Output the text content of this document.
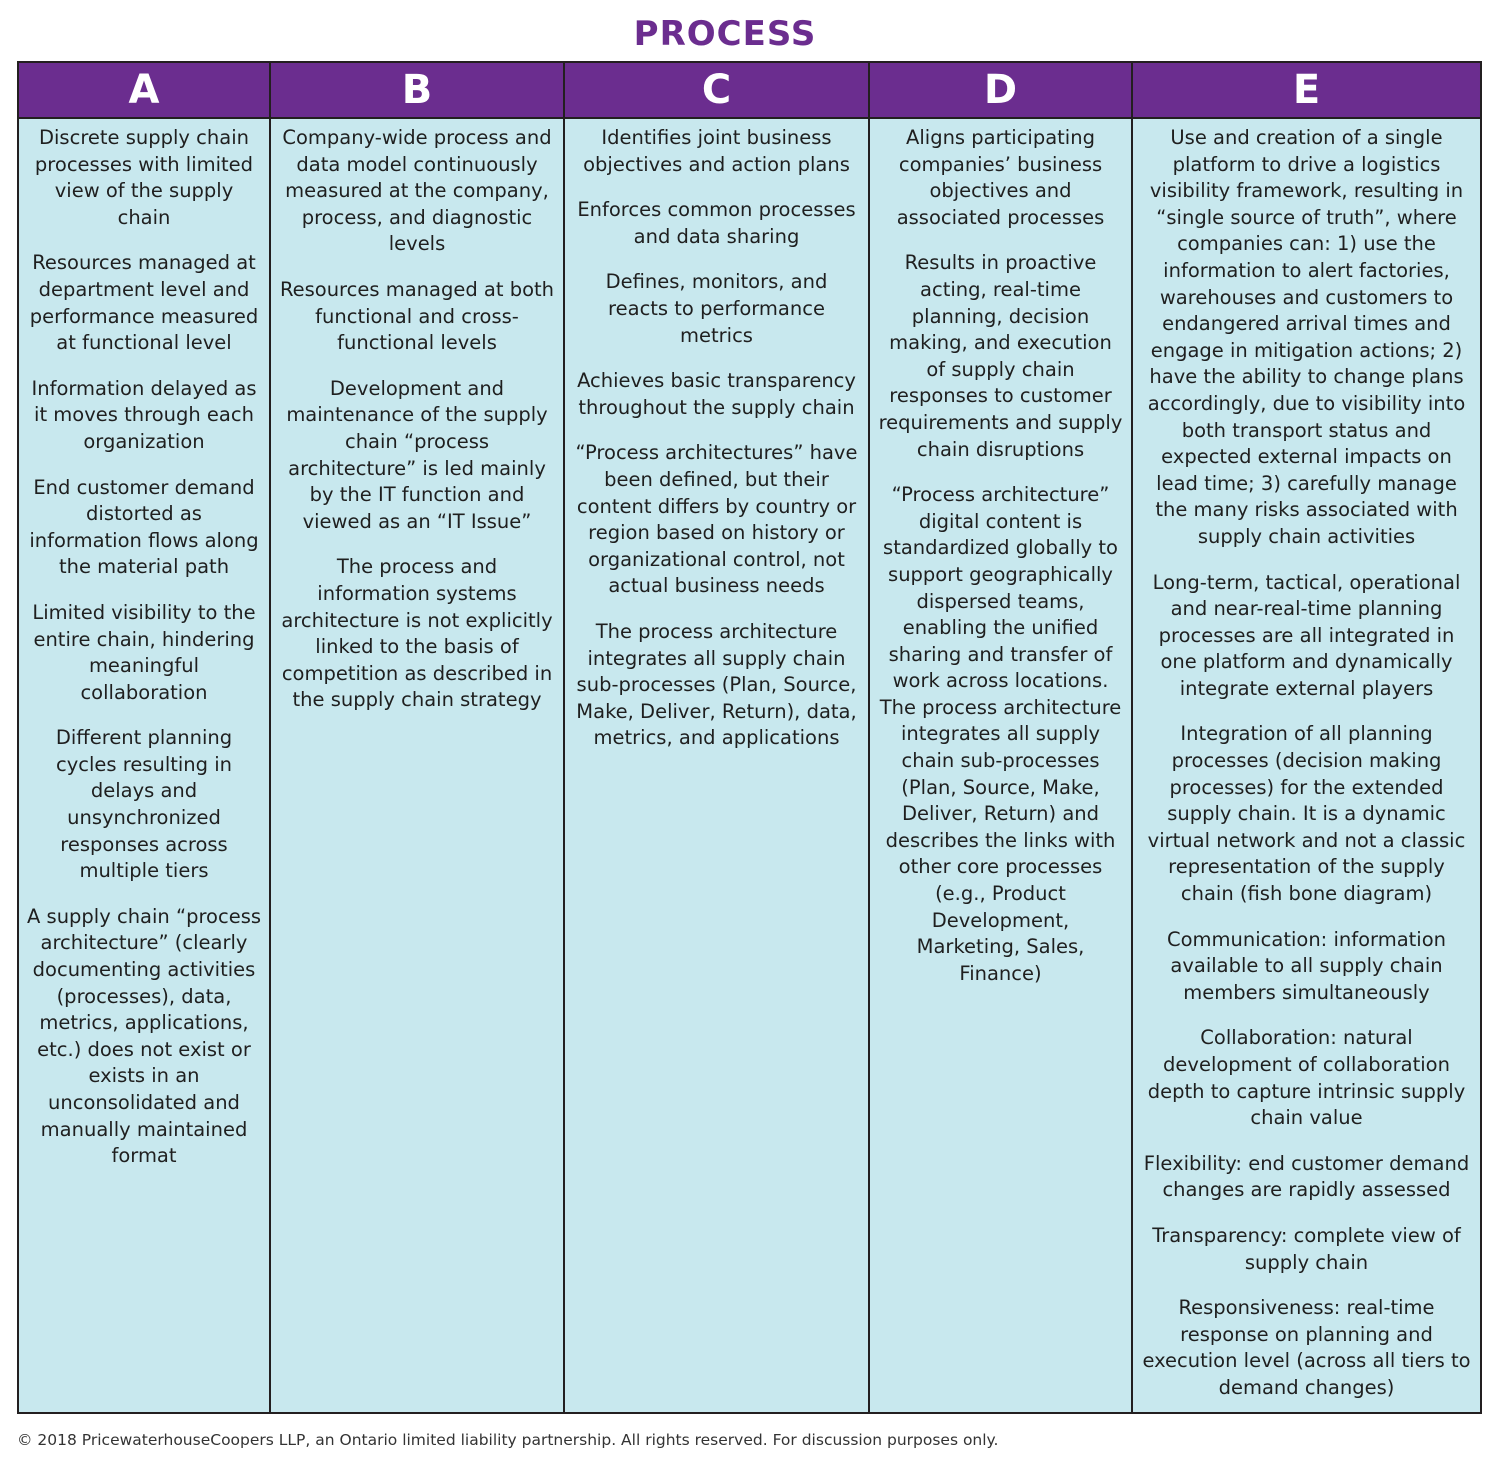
PROCESS
A

Discrete supply chain processes with limited view of the supply chain

Resources managed at department level and performance measured at functional level

Information delayed as it moves through each organization

End customer demand distorted as information flows along the material path

Limited visibility to the entire chain, hindering meaningful collaboration

Different planning cycles resulting in delays and unsynchronized responses across multiple tiers

A supply chain “process architecture” (clearly documenting activities (processes), data, metrics, applications, etc.) does not exist or exists in an unconsolidated and manually maintained format

B

Company-wide process and data model continuously measured at the company, process, and diagnostic levels

Resources managed at both functional and cross-functional levels

Development and maintenance of the supply chain “process architecture” is led mainly by the IT function and viewed as an “IT Issue”

The process and information systems architecture is not explicitly linked to the basis of competition as described in the supply chain strategy

C

Identifies joint business objectives and action plans

Enforces common processes and data sharing

Defines, monitors, and reacts to performance metrics

Achieves basic transparency throughout the supply chain

“Process architectures” have been defined, but their content differs by country or region based on history or organizational control, not actual business needs

The process architecture integrates all supply chain sub-processes (Plan, Source, Make, Deliver, Return), data, metrics, and applications

D

Aligns participating companies’ business objectives and associated processes

Results in proactive acting, real-time planning, decision making, and execution of supply chain responses to customer requirements and supply chain disruptions

“Process architecture” digital content is standardized globally to support geographically dispersed teams, enabling the unified sharing and transfer of work across locations. The process architecture integrates all supply chain sub-processes (Plan, Source, Make, Deliver, Return) and describes the links with other core processes (e.g., Product Development, Marketing, Sales, Finance)

E

Use and creation of a single platform to drive a logistics visibility framework, resulting in “single source of truth”, where companies can: 1) use the information to alert factories, warehouses and customers to endangered arrival times and engage in mitigation actions; 2) have the ability to change plans accordingly, due to visibility into both transport status and expected external impacts on lead time; 3) carefully manage the many risks associated with supply chain activities

Long-term, tactical, operational and near-real-time planning processes are all integrated in one platform and dynamically integrate external players

Integration of all planning processes (decision making processes) for the extended supply chain. It is a dynamic virtual network and not a classic representation of the supply chain (fish bone diagram)

Communication: information available to all supply chain members simultaneously

Collaboration: natural development of collaboration depth to capture intrinsic supply chain value

Flexibility: end customer demand changes are rapidly assessed

Transparency: complete view of supply chain

Responsiveness: real-time response on planning and execution level (across all tiers to demand changes)

© 2018 PricewaterhouseCoopers LLP, an Ontario limited liability partnership. All rights reserved. For discussion purposes only.
